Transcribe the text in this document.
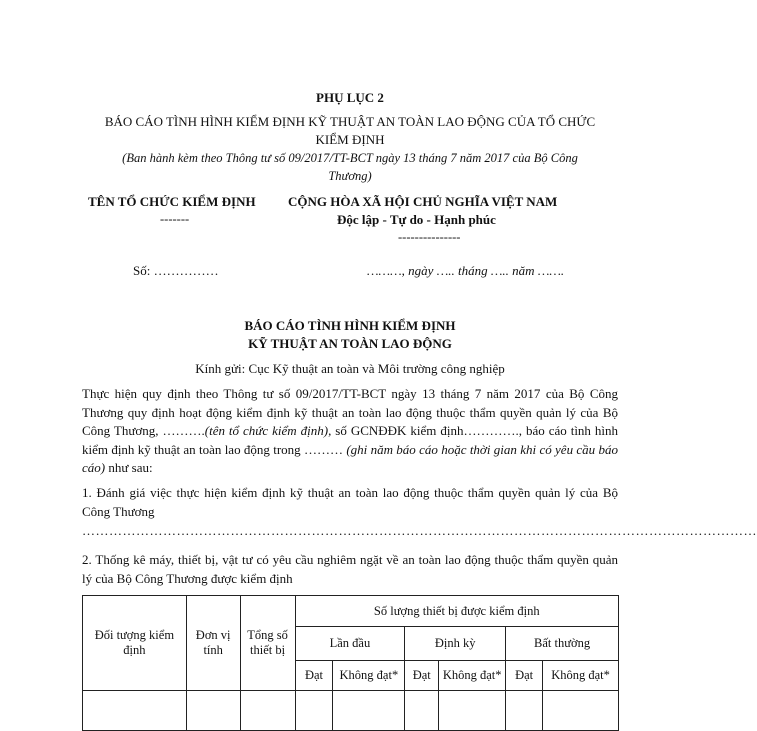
PHỤ LỤC 2
BÁO CÁO TÌNH HÌNH KIỂM ĐỊNH KỸ THUẬT AN TOÀN LAO ĐỘNG CỦA TỔ CHỨC
KIỂM ĐỊNH
(Ban hành kèm theo Thông tư số 09/2017/TT-BCT ngày 13 tháng 7 năm 2017 của Bộ Công
Thương)
TÊN TỔ CHỨC KIỂM ĐỊNH
-------
Số: ……………
CỘNG HÒA XÃ HỘI CHỦ NGHĨA VIỆT NAM
Độc lập - Tự do - Hạnh phúc
---------------
………, ngày ….. tháng ….. năm …….
BÁO CÁO TÌNH HÌNH KIỂM ĐỊNH
KỸ THUẬT AN TOÀN LAO ĐỘNG
Kính gửi: Cục Kỹ thuật an toàn và Môi trường công nghiệp
Thực hiện quy định theo Thông tư số 09/2017/TT-BCT ngày 13 tháng 7 năm 2017 của Bộ Công Thương quy định hoạt động kiểm định kỹ thuật an toàn lao động thuộc thẩm quyền quản lý của Bộ Công Thương, ……….(tên tổ chức kiểm định), số GCNĐĐK kiểm định…………., báo cáo tình hình kiểm định kỹ thuật an toàn lao động trong ……… (ghi năm báo cáo hoặc thời gian khi có yêu cầu báo cáo) như sau:
1. Đánh giá việc thực hiện kiểm định kỹ thuật an toàn lao động thuộc thẩm quyền quản lý của Bộ Công Thương
……………………………………………………………………………………………………………………………………
2. Thống kê máy, thiết bị, vật tư có yêu cầu nghiêm ngặt về an toàn lao động thuộc thẩm quyền quản lý của Bộ Công Thương được kiểm định
Đối tượng kiểm định	Đơn vị tính	Tổng số thiết bị	Số lượng thiết bị được kiểm định					
			Lần đầu		Định kỳ		Bất thường	
			Đạt	Không đạt*	Đạt	Không đạt*	Đạt	Không đạt*
